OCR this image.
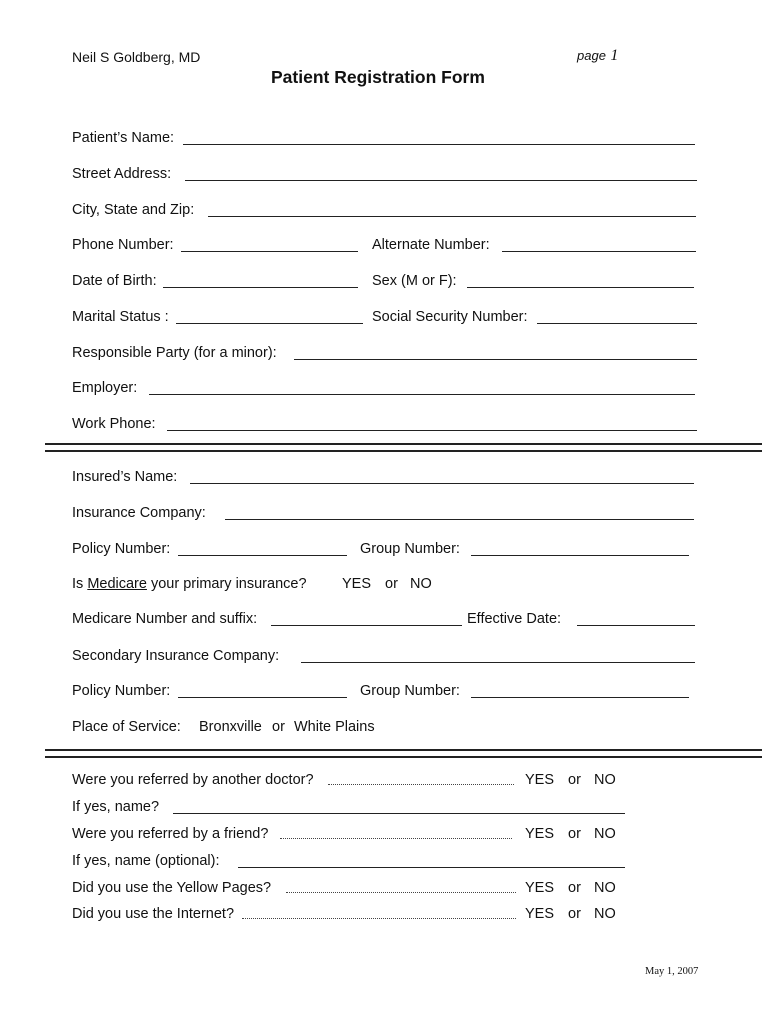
Neil S Goldberg, MD	page 1
Patient Registration Form
Patient’s Name:
Street Address:
City, State and Zip:
Phone Number:	Alternate Number:
Date of Birth:	Sex (M or F):
Marital Status :	Social Security Number:
Responsible Party (for a minor):
Employer:
Work Phone:
Insured’s Name:
Insurance Company:
Policy Number:	Group Number:
Is Medicare your primary insurance? YES or NO
Medicare Number and suffix:	Effective Date:
Secondary Insurance Company:
Policy Number:	Group Number:
Place of Service: Bronxville or White Plains
Were you referred by another doctor?	YES or NO
If yes, name?
Were you referred by a friend?	YES or NO
If yes, name (optional):
Did you use the Yellow Pages?	YES or NO
Did you use the Internet?	YES or NO
May 1, 2007
